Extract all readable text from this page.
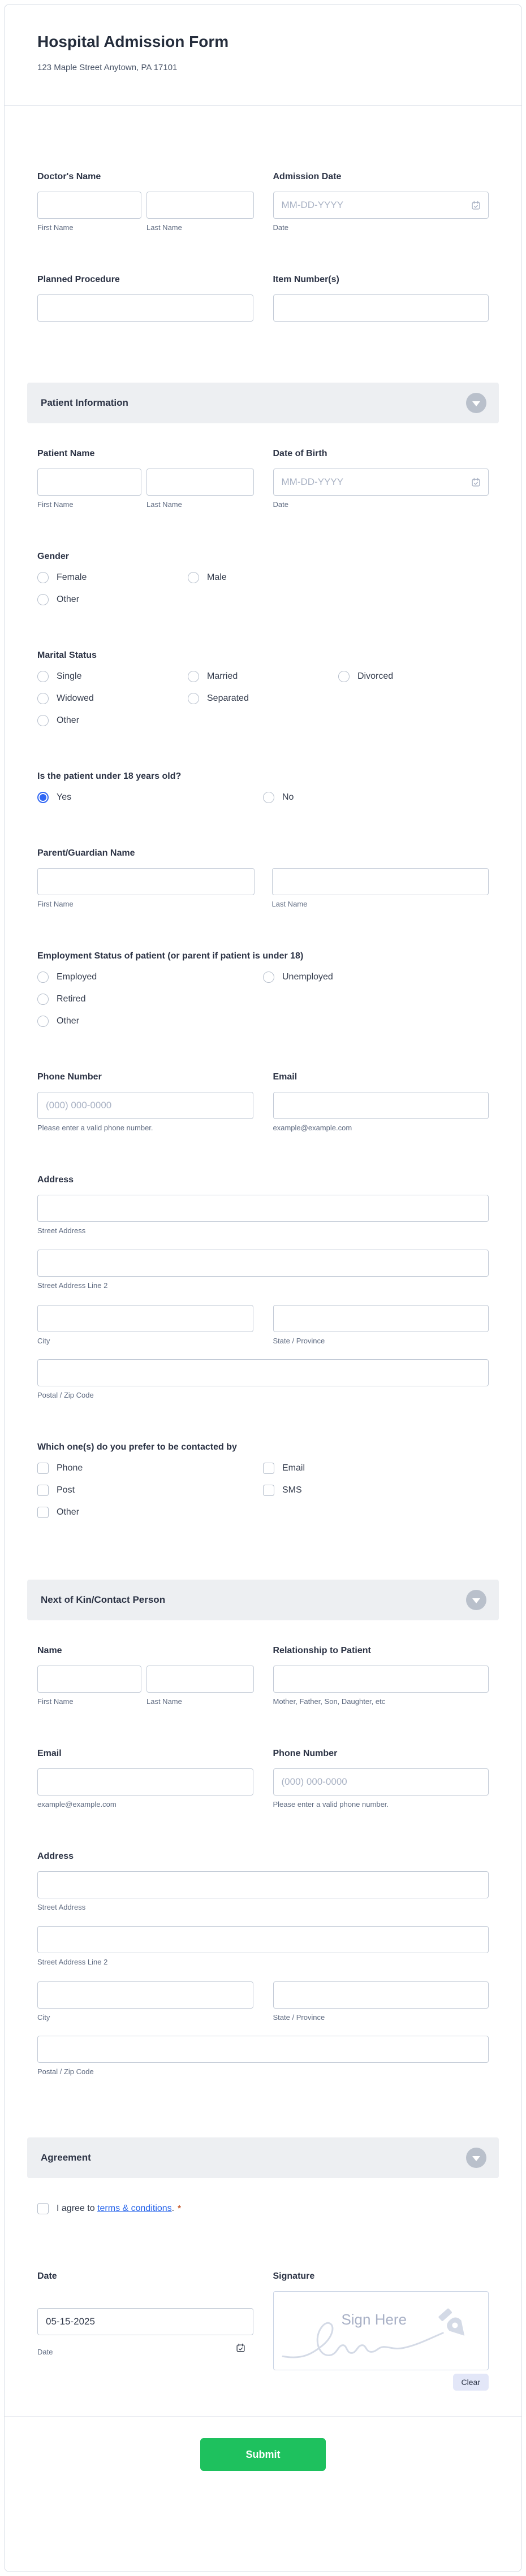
Hospital Admission Form
123 Maple Street Anytown, PA 17101
Doctor's Name
First Name	Last Name
Admission Date
MM-DD-YYYY
Date
Planned Procedure	Item Number(s)
Patient Information
Patient Name
First Name	Last Name
Date of Birth
MM-DD-YYYY
Date
Gender
Female	Male
Other
Marital Status
Single	Married	Divorced
Widowed	Separated
Other
Is the patient under 18 years old?
Yes	No
Parent/Guardian Name
First Name	Last Name
Employment Status of patient (or parent if patient is under 18)
Employed	Unemployed
Retired
Other
Phone Number
(000) 000-0000
Please enter a valid phone number.
Email
example@example.com
Address
Street Address
Street Address Line 2
City	State / Province
Postal / Zip Code
Which one(s) do you prefer to be contacted by
Phone	Email
Post	SMS
Other
Next of Kin/Contact Person
Name
First Name	Last Name
Relationship to Patient
Mother, Father, Son, Daughter, etc
Email
example@example.com
Phone Number
(000) 000-0000
Please enter a valid phone number.
Address
Street Address
Street Address Line 2
City	State / Province
Postal / Zip Code
Agreement
I agree to terms & conditions. *
Date
05-15-2025
Date
Signature
Sign Here
Clear
Submit
